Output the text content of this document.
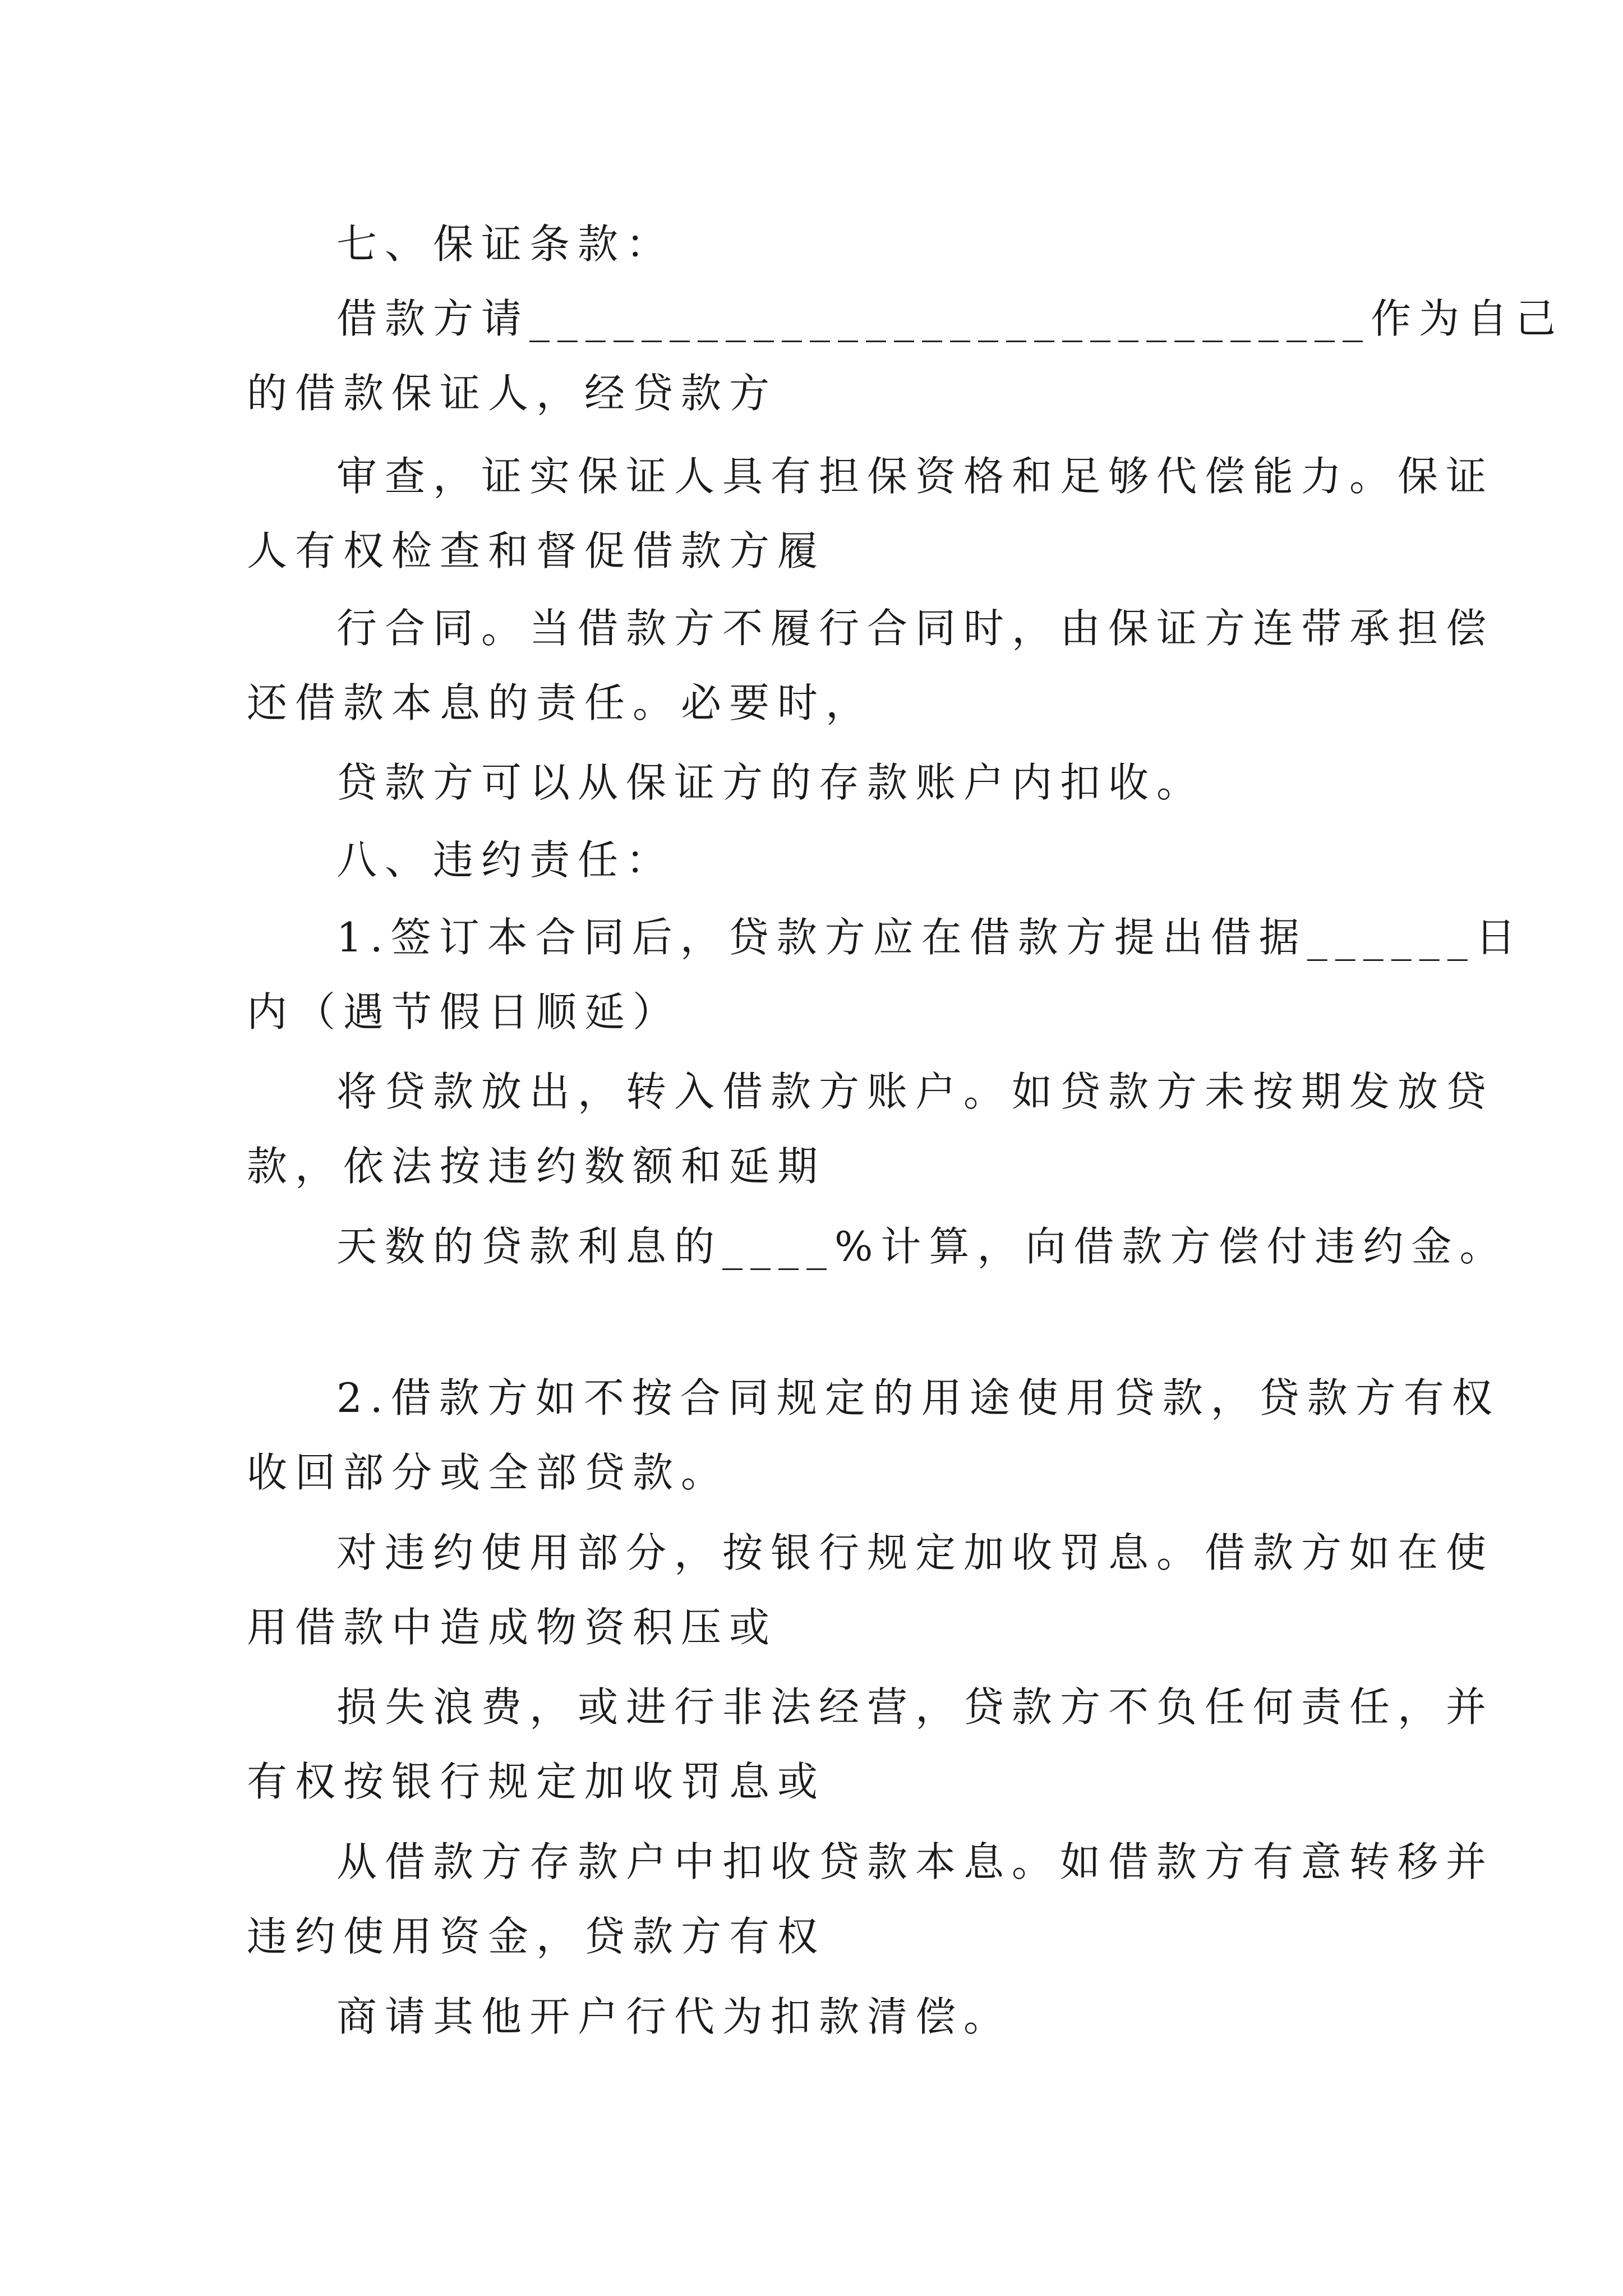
七、保证条款：

借款方请______________________________作为自己

的借款保证人，经贷款方

审查，证实保证人具有担保资格和足够代偿能力。保证

人有权检查和督促借款方履

行合同。当借款方不履行合同时，由保证方连带承担偿

还借款本息的责任。必要时，

贷款方可以从保证方的存款账户内扣收。

八、违约责任：

1.签订本合同后，贷款方应在借款方提出借据______日

内（遇节假日顺延）

将贷款放出，转入借款方账户。如贷款方未按期发放贷

款，依法按违约数额和延期

天数的贷款利息的____%计算，向借款方偿付违约金。

2.借款方如不按合同规定的用途使用贷款，贷款方有权

收回部分或全部贷款。

对违约使用部分，按银行规定加收罚息。借款方如在使

用借款中造成物资积压或

损失浪费，或进行非法经营，贷款方不负任何责任，并

有权按银行规定加收罚息或

从借款方存款户中扣收贷款本息。如借款方有意转移并

违约使用资金，贷款方有权

商请其他开户行代为扣款清偿。
